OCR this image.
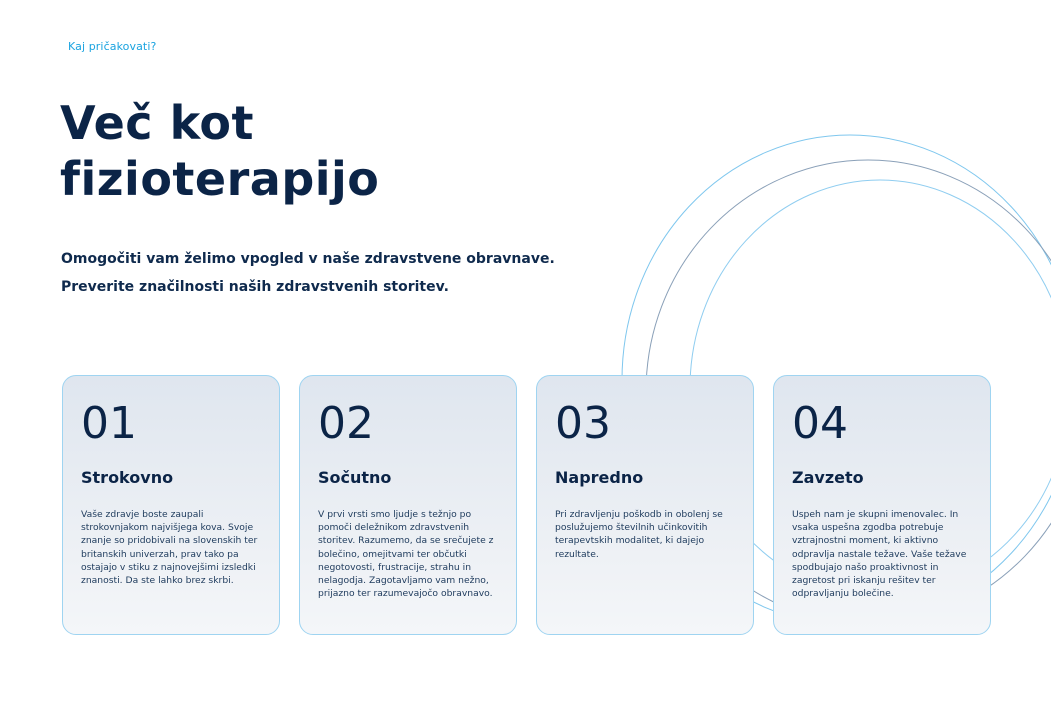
Kaj pričakovati?
Več kot
fizioterapijo

Omogočiti vam želimo vpogled v naše zdravstvene obravnave. Preverite značilnosti naših zdravstvenih storitev.

01

Strokovno

Vaše zdravje boste zaupali strokovnjakom najvišjega kova. Svoje znanje so pridobivali na slovenskih ter britanskih univerzah, prav tako pa ostajajo v stiku z najnovejšimi izsledki znanosti. Da ste lahko brez skrbi.

02

Sočutno

V prvi vrsti smo ljudje s težnjo po pomoči deležnikom zdravstvenih storitev. Razumemo, da se srečujete z bolečino, omejitvami ter občutki negotovosti, frustracije, strahu in nelagodja. Zagotavljamo vam nežno, prijazno ter razumevajočo obravnavo.

03

Napredno

Pri zdravljenju poškodb in obolenj se poslužujemo številnih učinkovitih terapevtskih modalitet, ki dajejo rezultate.

04

Zavzeto

Uspeh nam je skupni imenovalec. In vsaka uspešna zgodba potrebuje vztrajnostni moment, ki aktivno odpravlja nastale težave. Vaše težave spodbujajo našo proaktivnost in zagretost pri iskanju rešitev ter odpravljanju bolečine.
